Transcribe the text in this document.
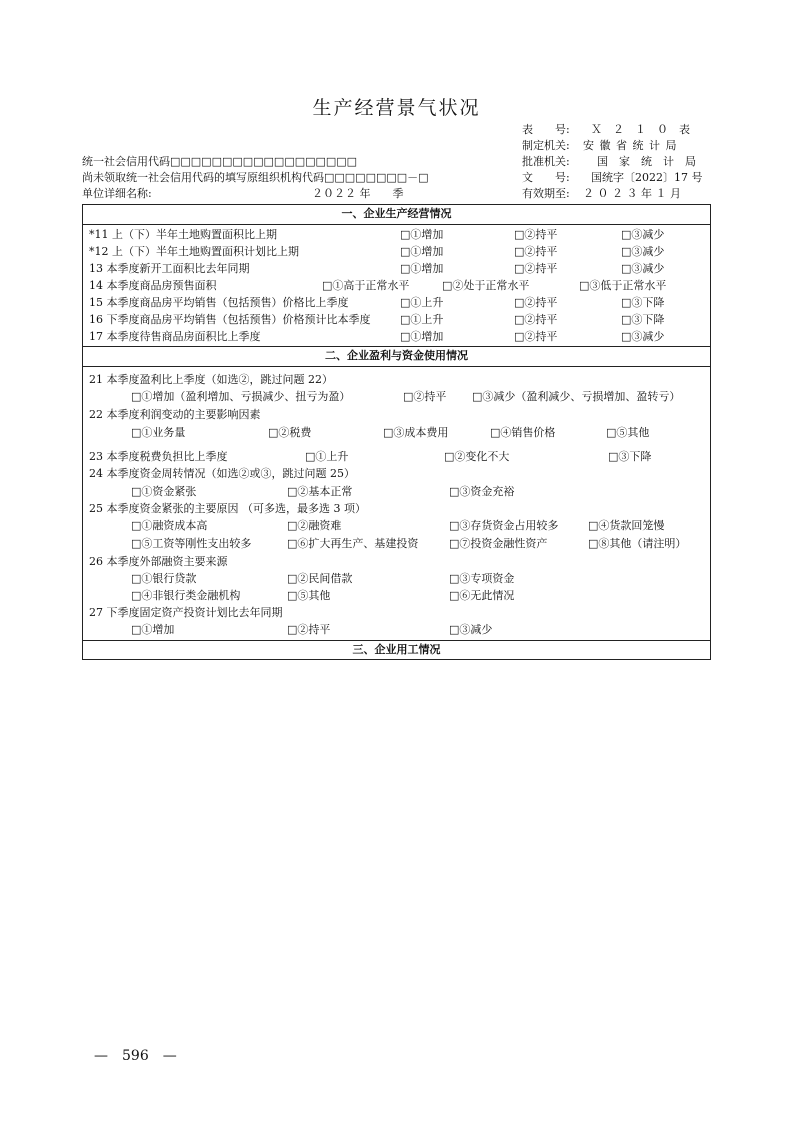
生产经营景气状况
表　　号: Ｘ　２　１　０　表
制定机关: 安 徽 省 统 计 局
批准机关: 国　家　统　计　局
文　　号: 国统字〔2022〕17 号
有效期至: ２ ０ ２ ３ 年 １ 月
统一社会信用代码□□□□□□□□□□□□□□□□□□
尚未领取统一社会信用代码的填写原组织机构代码□□□□□□□□－□
单位详细名称:	２０２２ 年　　季
一、企业生产经营情况
二、企业盈利与资金使用情况
三、企业用工情况
*11 上（下）半年土地购置面积比上期	□①增加	□②持平	□③减少
*12 上（下）半年土地购置面积计划比上期	□①增加	□②持平	□③减少
13 本季度新开工面积比去年同期	□①增加	□②持平	□③减少
14 本季度商品房预售面积	□①高于正常水平	□②处于正常水平	□③低于正常水平
15 本季度商品房平均销售（包括预售）价格比上季度	□①上升	□②持平	□③下降
16 下季度商品房平均销售（包括预售）价格预计比本季度	□①上升	□②持平	□③下降
17 本季度待售商品房面积比上季度	□①增加	□②持平	□③减少
21 本季度盈利比上季度（如选②，跳过问题 22）
□①增加（盈利增加、亏损减少、扭亏为盈）	□②持平 □③减少（盈利减少、亏损增加、盈转亏）
22 本季度利润变动的主要影响因素
□①业务量	□②税费	□③成本费用	□④销售价格	□⑤其他
23 本季度税费负担比上季度	□①上升	□②变化不大	□③下降
24 本季度资金周转情况（如选②或③，跳过问题 25）
□①资金紧张	□②基本正常	□③资金充裕
25 本季度资金紧张的主要原因 （可多选，最多选 3 项）
□①融资成本高	□②融资难	□③存货资金占用较多	□④货款回笼慢
□⑤工资等刚性支出较多	□⑥扩大再生产、基建投资	□⑦投资金融性资产	□⑧其他（请注明）
26 本季度外部融资主要来源
□①银行贷款	□②民间借款	□③专项资金
□④非银行类金融机构	□⑤其他	□⑥无此情况
27 下季度固定资产投资计划比去年同期
□①增加	□②持平	□③减少
—　596　—
